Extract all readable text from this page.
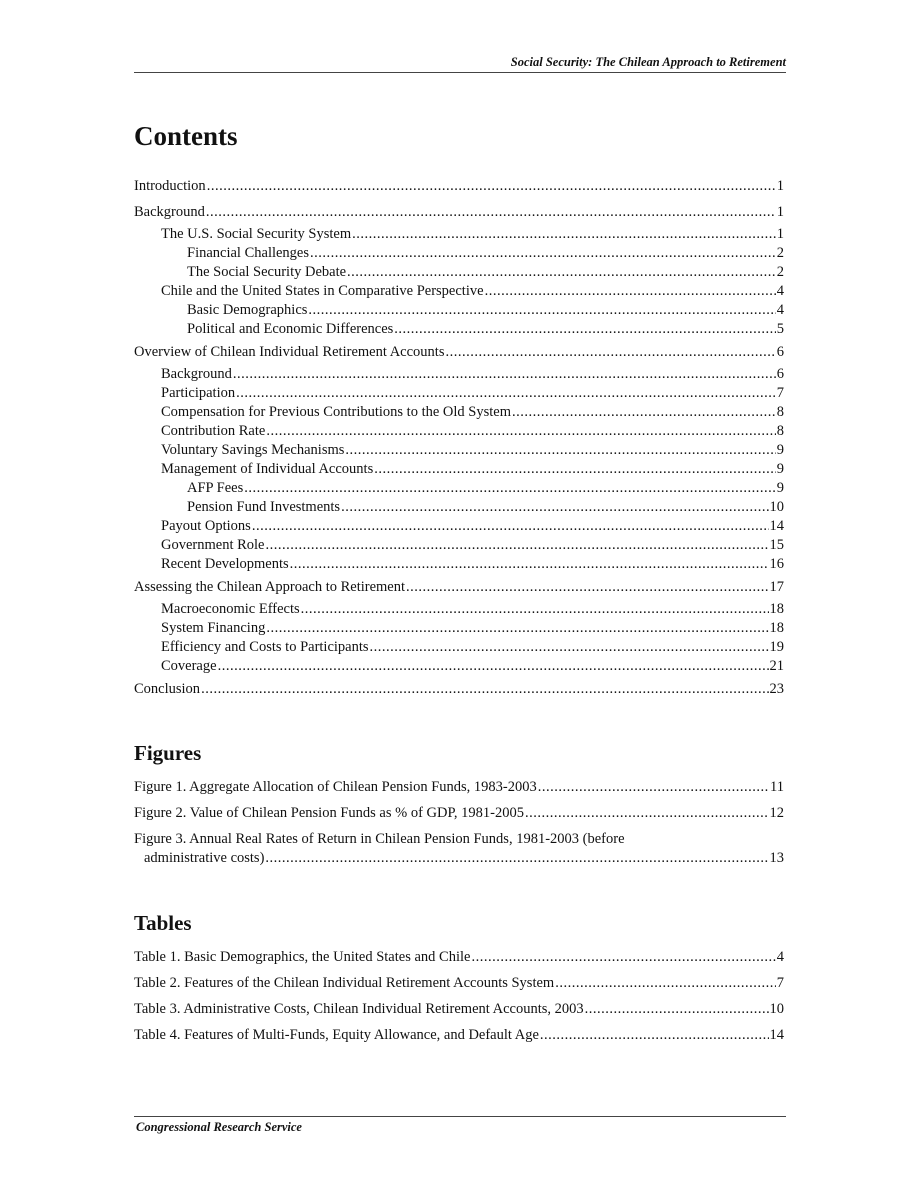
Social Security: The Chilean Approach to Retirement
Contents
Introduction .....	1
Background .....	1
The U.S. Social Security System .....	1
Financial Challenges .....	2
The Social Security Debate .....	2
Chile and the United States in Comparative Perspective .....	4
Basic Demographics .....	4
Political and Economic Differences .....	5
Overview of Chilean Individual Retirement Accounts .....	6
Background .....	6
Participation .....	7
Compensation for Previous Contributions to the Old System .....	8
Contribution Rate .....	8
Voluntary Savings Mechanisms .....	9
Management of Individual Accounts .....	9
AFP Fees .....	9
Pension Fund Investments .....	10
Payout Options .....	14
Government Role .....	15
Recent Developments .....	16
Assessing the Chilean Approach to Retirement .....	17
Macroeconomic Effects .....	18
System Financing .....	18
Efficiency and Costs to Participants .....	19
Coverage .....	21
Conclusion .....	23
Figures
Figure 1. Aggregate Allocation of Chilean Pension Funds, 1983-2003 .....	11
Figure 2. Value of Chilean Pension Funds as % of GDP, 1981-2005 .....	12
Figure 3. Annual Real Rates of Return in Chilean Pension Funds, 1981-2003 (before
administrative costs) .....	13
Tables
Table 1. Basic Demographics, the United States and Chile .....	4
Table 2. Features of the Chilean Individual Retirement Accounts System .....	7
Table 3. Administrative Costs, Chilean Individual Retirement Accounts, 2003 .....	10
Table 4. Features of Multi-Funds, Equity Allowance, and Default Age .....	14
Congressional Research Service
